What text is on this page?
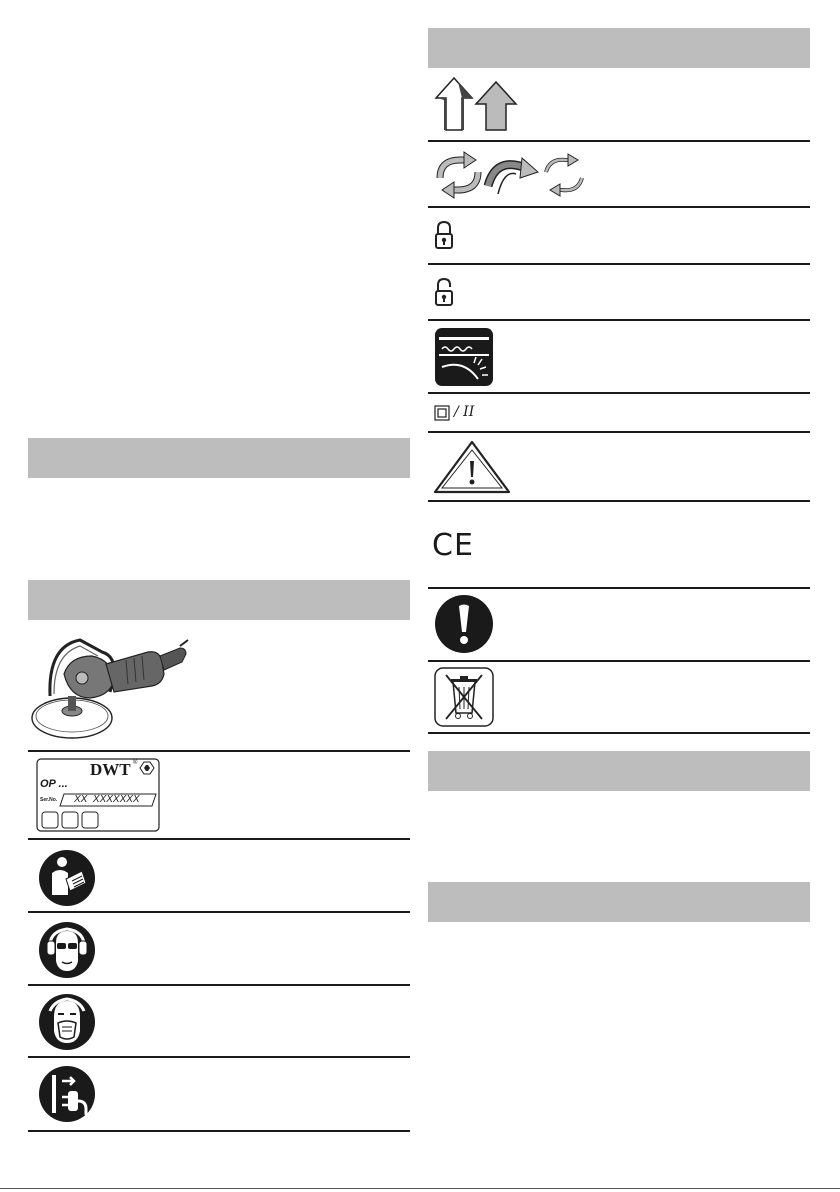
DWT ®
OP ...
Ser.No. XX  XXXXXXX
/ II
CE
